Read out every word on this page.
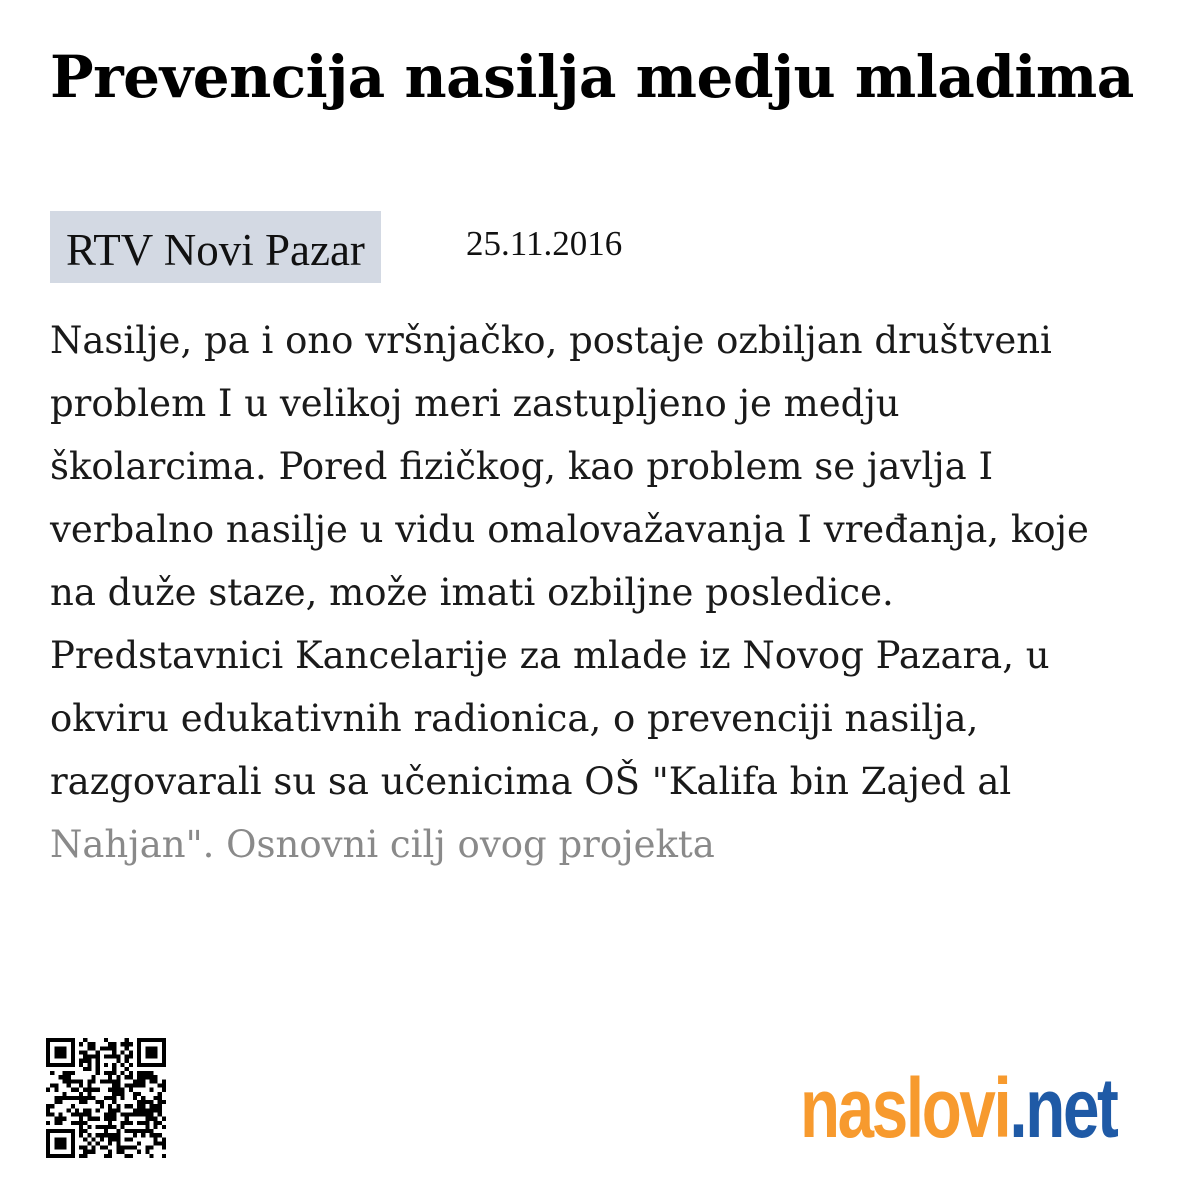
Prevencija nasilja medju mladima
RTV Novi Pazar	25.11.2016
Nasilje, pa i ono vršnjačko, postaje ozbiljan društveni
problem I u velikoj meri zastupljeno je medju
školarcima. Pored fizičkog, kao problem se javlja I
verbalno nasilje u vidu omalovažavanja I vređanja, koje
na duže staze, može imati ozbiljne posledice.
Predstavnici Kancelarije za mlade iz Novog Pazara, u
okviru edukativnih radionica, o prevenciji nasilja,
razgovarali su sa učenicima OŠ "Kalifa bin Zajed al
Nahjan". Osnovni cilj ovog projekta
naslovi.net
